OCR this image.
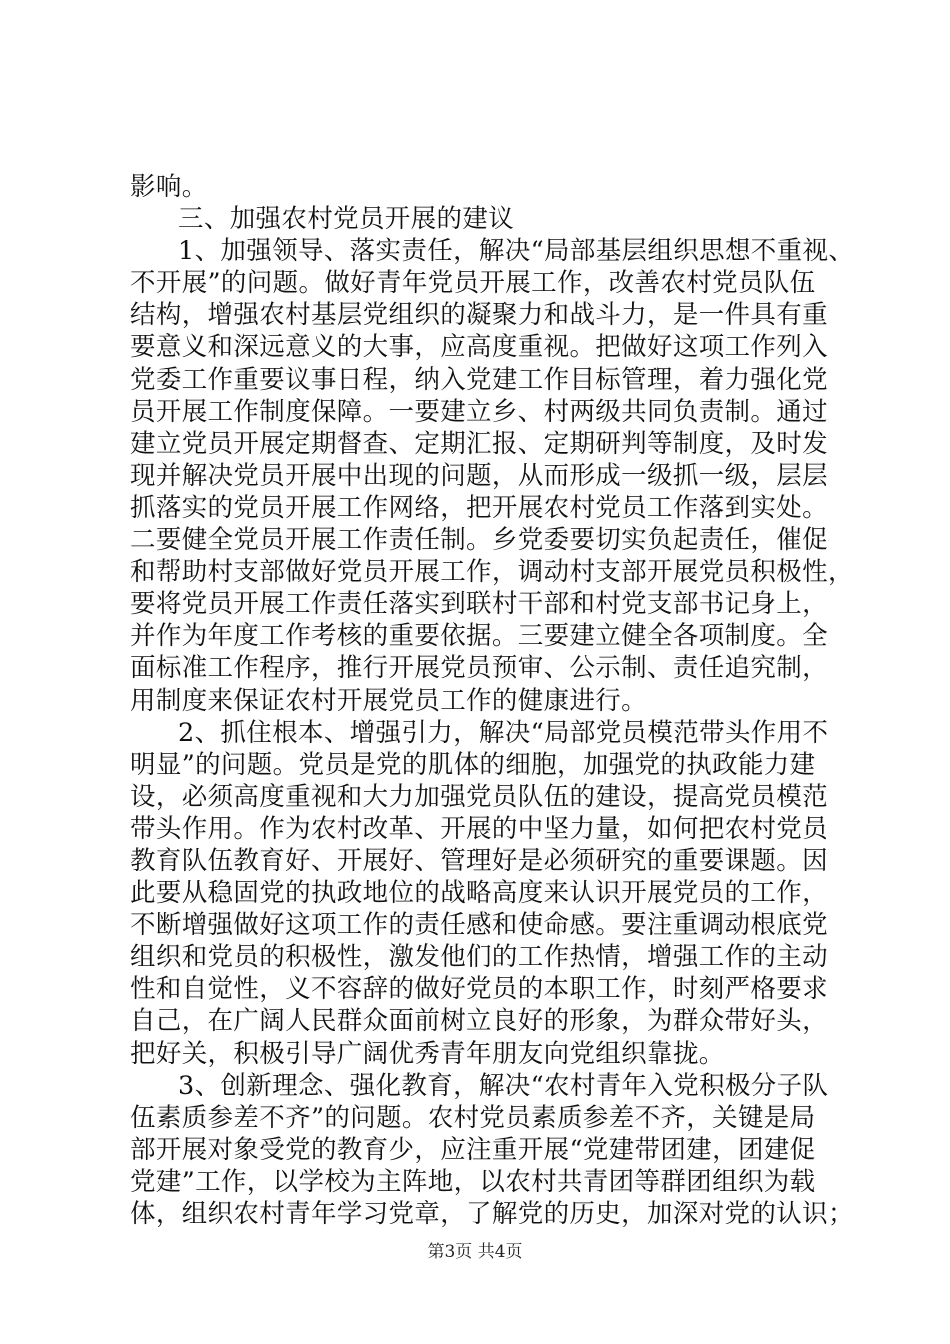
影响。

三、加强农村党员开展的建议

1、加强领导、落实责任，解决“局部基层组织思想不重视、
不开展”的问题。做好青年党员开展工作，改善农村党员队伍
结构，增强农村基层党组织的凝聚力和战斗力，是一件具有重
要意义和深远意义的大事，应高度重视。把做好这项工作列入
党委工作重要议事日程，纳入党建工作目标管理，着力强化党
员开展工作制度保障。一要建立乡、村两级共同负责制。通过
建立党员开展定期督查、定期汇报、定期研判等制度，及时发
现并解决党员开展中出现的问题，从而形成一级抓一级，层层
抓落实的党员开展工作网络，把开展农村党员工作落到实处。
二要健全党员开展工作责任制。乡党委要切实负起责任，催促
和帮助村支部做好党员开展工作，调动村支部开展党员积极性，
要将党员开展工作责任落实到联村干部和村党支部书记身上，
并作为年度工作考核的重要依据。三要建立健全各项制度。全
面标准工作程序，推行开展党员预审、公示制、责任追究制，
用制度来保证农村开展党员工作的健康进行。

2、抓住根本、增强引力，解决“局部党员模范带头作用不
明显”的问题。党员是党的肌体的细胞，加强党的执政能力建
设，必须高度重视和大力加强党员队伍的建设，提高党员模范
带头作用。作为农村改革、开展的中坚力量，如何把农村党员
教育队伍教育好、开展好、管理好是必须研究的重要课题。因
此要从稳固党的执政地位的战略高度来认识开展党员的工作，
不断增强做好这项工作的责任感和使命感。要注重调动根底党
组织和党员的积极性，激发他们的工作热情，增强工作的主动
性和自觉性，义不容辞的做好党员的本职工作，时刻严格要求
自己，在广阔人民群众面前树立良好的形象，为群众带好头，
把好关，积极引导广阔优秀青年朋友向党组织靠拢。

3、创新理念、强化教育，解决“农村青年入党积极分子队
伍素质参差不齐”的问题。农村党员素质参差不齐，关键是局
部开展对象受党的教育少，应注重开展“党建带团建，团建促
党建”工作，以学校为主阵地，以农村共青团等群团组织为载
体，组织农村青年学习党章，了解党的历史，加深对党的认识；

第3页 共4页
